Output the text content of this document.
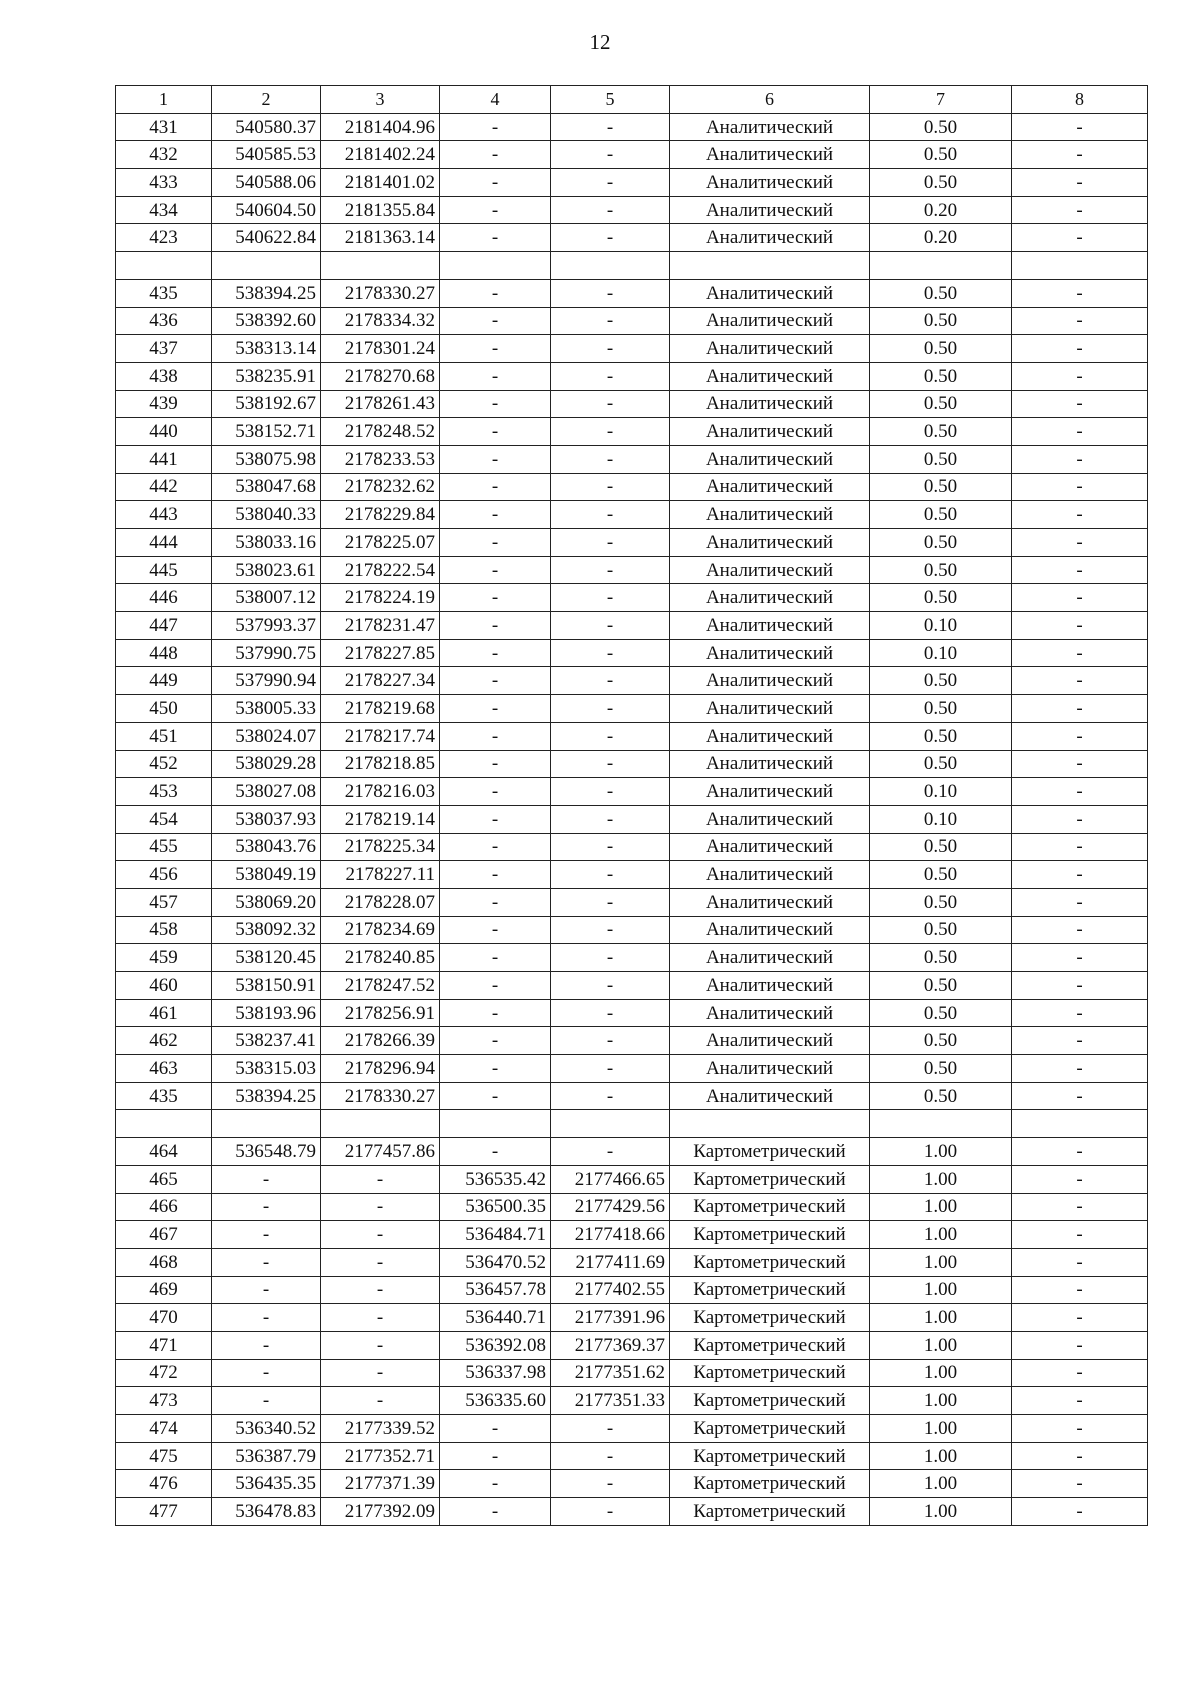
12
1	2	3	4	5	6	7	8
431	540580.37	2181404.96	-	-	Аналитический	0.50	-
432	540585.53	2181402.24	-	-	Аналитический	0.50	-
433	540588.06	2181401.02	-	-	Аналитический	0.50	-
434	540604.50	2181355.84	-	-	Аналитический	0.20	-
423	540622.84	2181363.14	-	-	Аналитический	0.20	-

435	538394.25	2178330.27	-	-	Аналитический	0.50	-
436	538392.60	2178334.32	-	-	Аналитический	0.50	-
437	538313.14	2178301.24	-	-	Аналитический	0.50	-
438	538235.91	2178270.68	-	-	Аналитический	0.50	-
439	538192.67	2178261.43	-	-	Аналитический	0.50	-
440	538152.71	2178248.52	-	-	Аналитический	0.50	-
441	538075.98	2178233.53	-	-	Аналитический	0.50	-
442	538047.68	2178232.62	-	-	Аналитический	0.50	-
443	538040.33	2178229.84	-	-	Аналитический	0.50	-
444	538033.16	2178225.07	-	-	Аналитический	0.50	-
445	538023.61	2178222.54	-	-	Аналитический	0.50	-
446	538007.12	2178224.19	-	-	Аналитический	0.50	-
447	537993.37	2178231.47	-	-	Аналитический	0.10	-
448	537990.75	2178227.85	-	-	Аналитический	0.10	-
449	537990.94	2178227.34	-	-	Аналитический	0.50	-
450	538005.33	2178219.68	-	-	Аналитический	0.50	-
451	538024.07	2178217.74	-	-	Аналитический	0.50	-
452	538029.28	2178218.85	-	-	Аналитический	0.50	-
453	538027.08	2178216.03	-	-	Аналитический	0.10	-
454	538037.93	2178219.14	-	-	Аналитический	0.10	-
455	538043.76	2178225.34	-	-	Аналитический	0.50	-
456	538049.19	2178227.11	-	-	Аналитический	0.50	-
457	538069.20	2178228.07	-	-	Аналитический	0.50	-
458	538092.32	2178234.69	-	-	Аналитический	0.50	-
459	538120.45	2178240.85	-	-	Аналитический	0.50	-
460	538150.91	2178247.52	-	-	Аналитический	0.50	-
461	538193.96	2178256.91	-	-	Аналитический	0.50	-
462	538237.41	2178266.39	-	-	Аналитический	0.50	-
463	538315.03	2178296.94	-	-	Аналитический	0.50	-
435	538394.25	2178330.27	-	-	Аналитический	0.50	-

464	536548.79	2177457.86	-	-	Картометрический	1.00	-
465	-	-	536535.42	2177466.65	Картометрический	1.00	-
466	-	-	536500.35	2177429.56	Картометрический	1.00	-
467	-	-	536484.71	2177418.66	Картометрический	1.00	-
468	-	-	536470.52	2177411.69	Картометрический	1.00	-
469	-	-	536457.78	2177402.55	Картометрический	1.00	-
470	-	-	536440.71	2177391.96	Картометрический	1.00	-
471	-	-	536392.08	2177369.37	Картометрический	1.00	-
472	-	-	536337.98	2177351.62	Картометрический	1.00	-
473	-	-	536335.60	2177351.33	Картометрический	1.00	-
474	536340.52	2177339.52	-	-	Картометрический	1.00	-
475	536387.79	2177352.71	-	-	Картометрический	1.00	-
476	536435.35	2177371.39	-	-	Картометрический	1.00	-
477	536478.83	2177392.09	-	-	Картометрический	1.00	-
